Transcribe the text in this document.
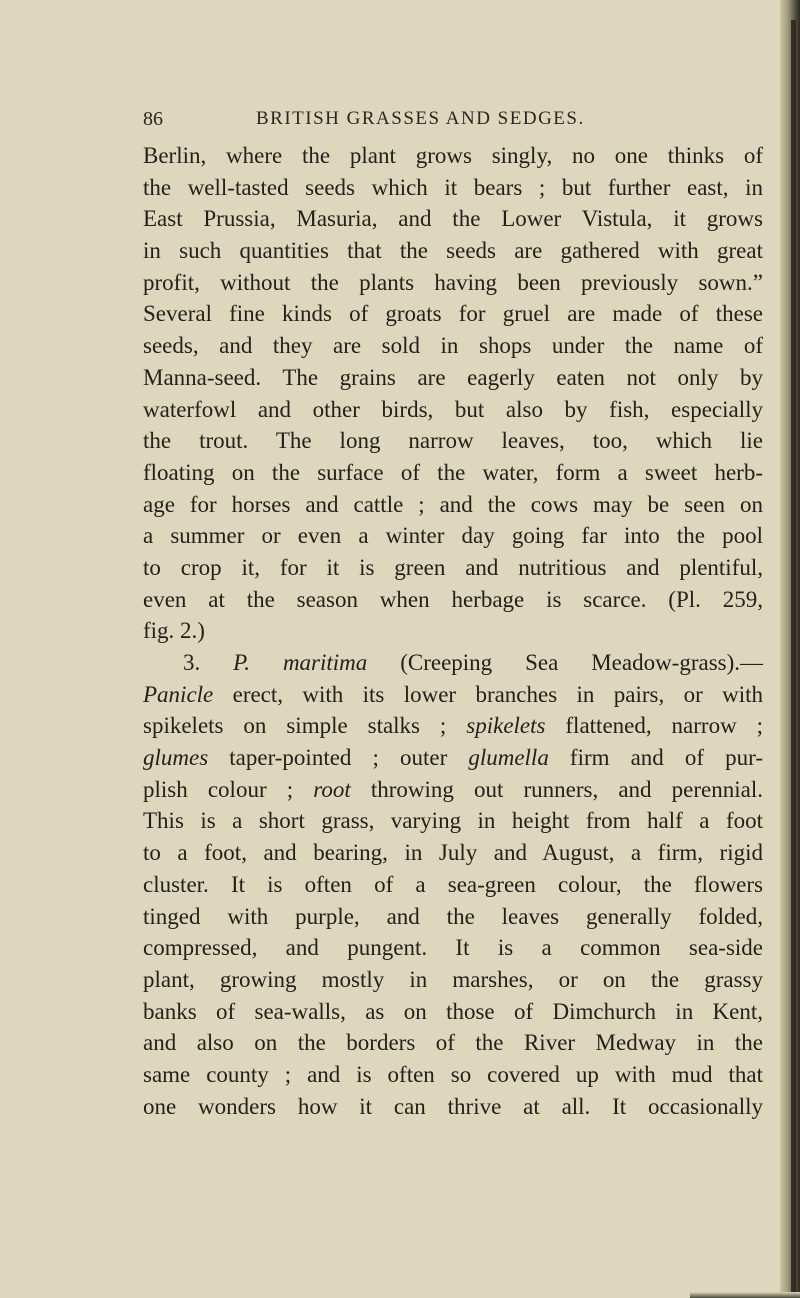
86	BRITISH GRASSES AND SEDGES.
Berlin, where the plant grows singly, no one thinks of
the well-tasted seeds which it bears ; but further east, in
East Prussia, Masuria, and the Lower Vistula, it grows
in such quantities that the seeds are gathered with great
profit, without the plants having been previously sown.”
Several fine kinds of groats for gruel are made of these
seeds, and they are sold in shops under the name of
Manna-seed. The grains are eagerly eaten not only by
waterfowl and other birds, but also by fish, especially
the trout. The long narrow leaves, too, which lie
floating on the surface of the water, form a sweet herb-
age for horses and cattle ; and the cows may be seen on
a summer or even a winter day going far into the pool
to crop it, for it is green and nutritious and plentiful,
even at the season when herbage is scarce. (Pl. 259,
fig. 2.)
3. P. maritima (Creeping Sea Meadow-grass).—
Panicle erect, with its lower branches in pairs, or with
spikelets on simple stalks ; spikelets flattened, narrow ;
glumes taper-pointed ; outer glumella firm and of pur-
plish colour ; root throwing out runners, and perennial.
This is a short grass, varying in height from half a foot
to a foot, and bearing, in July and August, a firm, rigid
cluster. It is often of a sea-green colour, the flowers
tinged with purple, and the leaves generally folded,
compressed, and pungent. It is a common sea-side
plant, growing mostly in marshes, or on the grassy
banks of sea-walls, as on those of Dimchurch in Kent,
and also on the borders of the River Medway in the
same county ; and is often so covered up with mud that
one wonders how it can thrive at all. It occasionally
